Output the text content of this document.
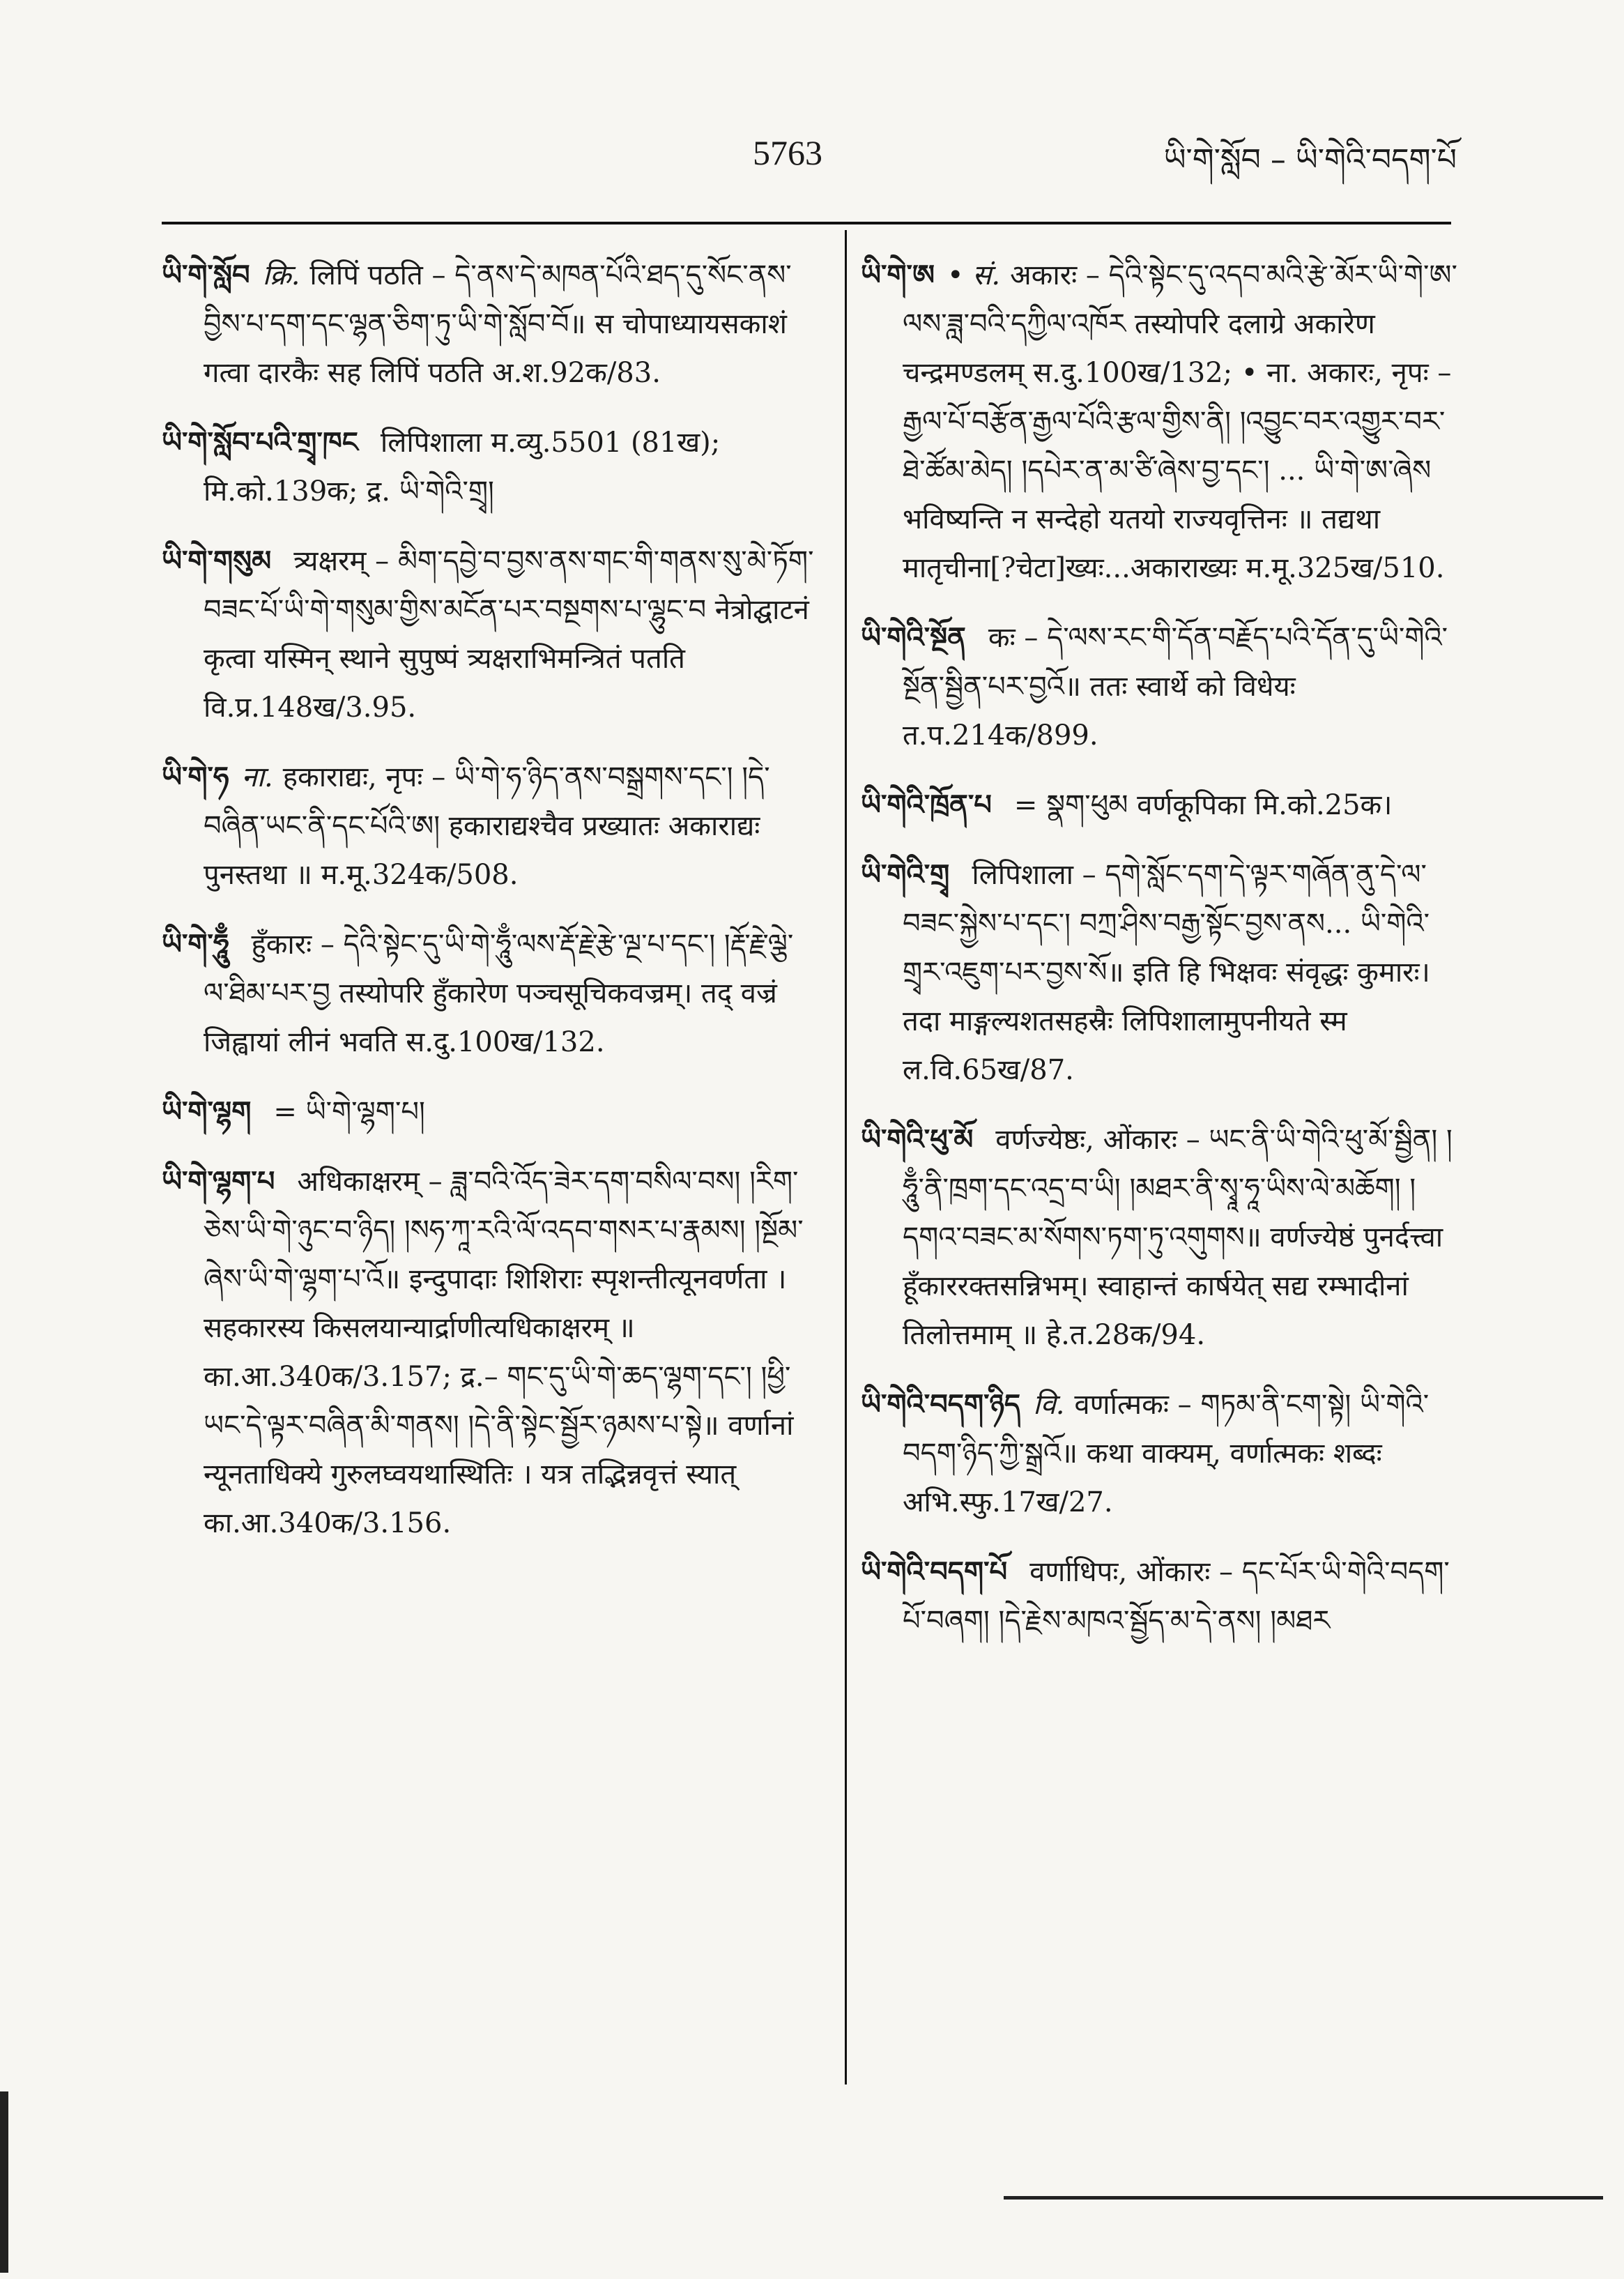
5763	ཡི་གེ་སློབ – ཡི་གེའི་བདག་པོ

ཡི་གེ་སློབ क्रि. लिपिं पठति – དེ་ནས་དེ་མཁན་པོའི་ཐད་དུ་སོང་ནས་བྱིས་པ་དག་དང་ལྷན་ཅིག་ཏུ་ཡི་གེ་སློབ་བོ॥ स चोपाध्यायसकाशं गत्वा दारकैः सह लिपिं पठति अ.श.92क/83.

ཡི་གེ་སློབ་པའི་གྲྭ་ཁང लिपिशाला म.व्यु.5501 (81ख); मि.को.139क; द्र. ཡི་གེའི་གྲྭ།

ཡི་གེ་གསུམ त्र्यक्षरम् – མིག་དབྱེ་བ་བྱས་ནས་གང་གི་གནས་སུ་མེ་ཏོག་བཟང་པོ་ཡི་གེ་གསུམ་གྱིས་མངོན་པར་བསྔགས་པ་ལྷུང་བ नेत्रोद्घाटनं कृत्वा यस्मिन् स्थाने सुपुष्पं त्र्यक्षराभिमन्त्रितं पतति वि.प्र.148ख/3.95.

ཡི་གེ་ཧ ना. हकाराद्यः, नृपः – ཡི་གེ་ཧ་ཉིད་ནས་བསྒྲགས་དང་། །དེ་བཞིན་ཡང་ནི་དང་པོའི་ཨ། हकाराद्यश्चैव प्रख्यातः अकाराद्यः पुनस्तथा ॥ म.मू.324क/508.

ཡི་གེ་ཧཱུྃ हुँकारः – དེའི་སྟེང་དུ་ཡི་གེ་ཧཱུྃ་ལས་རྡོ་རྗེ་རྩེ་ལྔ་པ་དང་། །རྡོ་རྗེ་ལྕེ་ལ་ཐིམ་པར་བྱ तस्योपरि हुँकारेण पञ्चसूचिकवज्रम्। तद् वज्रं जिह्वायां लीनं भवति स.दु.100ख/132.

ཡི་གེ་ལྷག = ཡི་གེ་ལྷག་པ།

ཡི་གེ་ལྷག་པ अधिकाक्षरम् – ཟླ་བའི་འོད་ཟེར་དག་བསིལ་བས། །རིག་ཅེས་ཡི་གེ་ཉུང་བ་ཉིད། །སཧ་ཀཱ་རའི་ལོ་འདབ་གསར་པ་རྣམས། །སྔོམ་ཞེས་ཡི་གེ་ལྷག་པ་འོ॥ इन्दुपादाः शिशिराः स्पृशन्तीत्यूनवर्णता । सहकारस्य किसलयान्यार्द्राणीत्यधिकाक्षरम् ॥ का.आ.340क/3.157; द्र.– གང་དུ་ཡི་གེ་ཆད་ལྷག་དང་། །ཕྱི་ཡང་དེ་ལྟར་བཞིན་མི་གནས། །དེ་ནི་སྟེང་སྦྱོར་ཉམས་པ་སྟེ॥ वर्णानां न्यूनताधिक्ये गुरुलघ्वयथास्थितिः । यत्र तद्भिन्नवृत्तं स्यात् का.आ.340क/3.156.

ཡི་གེ་ཨ • सं. अकारः – དེའི་སྟེང་དུ་འདབ་མའི་རྩེ་མོར་ཡི་གེ་ཨ་ལས་ཟླ་བའི་དཀྱིལ་འཁོར तस्योपरि दलाग्रे अकारेण चन्द्रमण्डलम् स.दु.100ख/132; • ना. अकारः, नृपः – རྒྱལ་པོ་བརྩོན་རྒྱལ་པོའི་རྩལ་གྱིས་ནི། །འབྱུང་བར་འགྱུར་བར་ཐེ་ཚོམ་མེད། །དཔེར་ན་མ་ཙི་ཞེས་བྱ་དང་། ... ཡི་གེ་ཨ་ཞེས भविष्यन्ति न सन्देहो यतयो राज्यवृत्तिनः ॥ तद्यथा मातृचीना[?चेटा]ख्यः...अकाराख्यः म.मू.325ख/510.

ཡི་གེའི་སྔོན कः – དེ་ལས་རང་གི་དོན་བརྗོད་པའི་དོན་དུ་ཡི་གེའི་སྔོན་སྦྱིན་པར་བྱའོ॥ ततः स्वार्थे को विधेयः त.प.214क/899.

ཡི་གེའི་ཁྲོན་པ = སྣག་ཕུམ वर्णकूपिका मि.को.25क।

ཡི་གེའི་གྲྭ लिपिशाला – དགེ་སློང་དག་དེ་ལྟར་གཞོན་ནུ་དེ་ལ་བཟང་སྐྱེས་པ་དང་། བཀྲ་ཤིས་བརྒྱ་སྟོང་བྱས་ནས... ཡི་གེའི་གྲྭར་འཇུག་པར་བྱས་སོ॥ इति हि भिक्षवः संवृद्धः कुमारः। तदा माङ्गल्यशतसहस्रैः लिपिशालामुपनीयते स्म ल.वि.65ख/87.

ཡི་གེའི་ཕུ་མོ वर्णज्येष्ठः, ओंकारः – ཡང་ནི་ཡི་གེའི་ཕུ་མོ་སྦྱིན། །ཧཱུྃ་ནི་ཁྲག་དང་འདྲ་བ་ཡི། །མཐར་ནི་སྭཱ་ཧཱ་ཡིས་ལེ་མཆོག། །དགའ་བཟང་མ་སོགས་ཏག་ཏུ་འགུགས॥ वर्णज्येष्ठं पुनर्दत्त्वा हूँकाररक्तसन्निभम्। स्वाहान्तं कार्षयेत् सद्य रम्भादीनां तिलोत्तमाम् ॥ हे.त.28क/94.

ཡི་གེའི་བདག་ཉིད वि. वर्णात्मकः – གཏམ་ནི་ངག་སྟེ། ཡི་གེའི་བདག་ཉིད་ཀྱི་སྒྲའོ॥ कथा वाक्यम्, वर्णात्मकः शब्दः अभि.स्फु.17ख/27.

ཡི་གེའི་བདག་པོ वर्णाधिपः, ओंकारः – དང་པོར་ཡི་གེའི་བདག་པོ་བཞག། །དེ་རྗེས་མཁའ་སྦྱོད་མ་དེ་ནས། །མཐར
